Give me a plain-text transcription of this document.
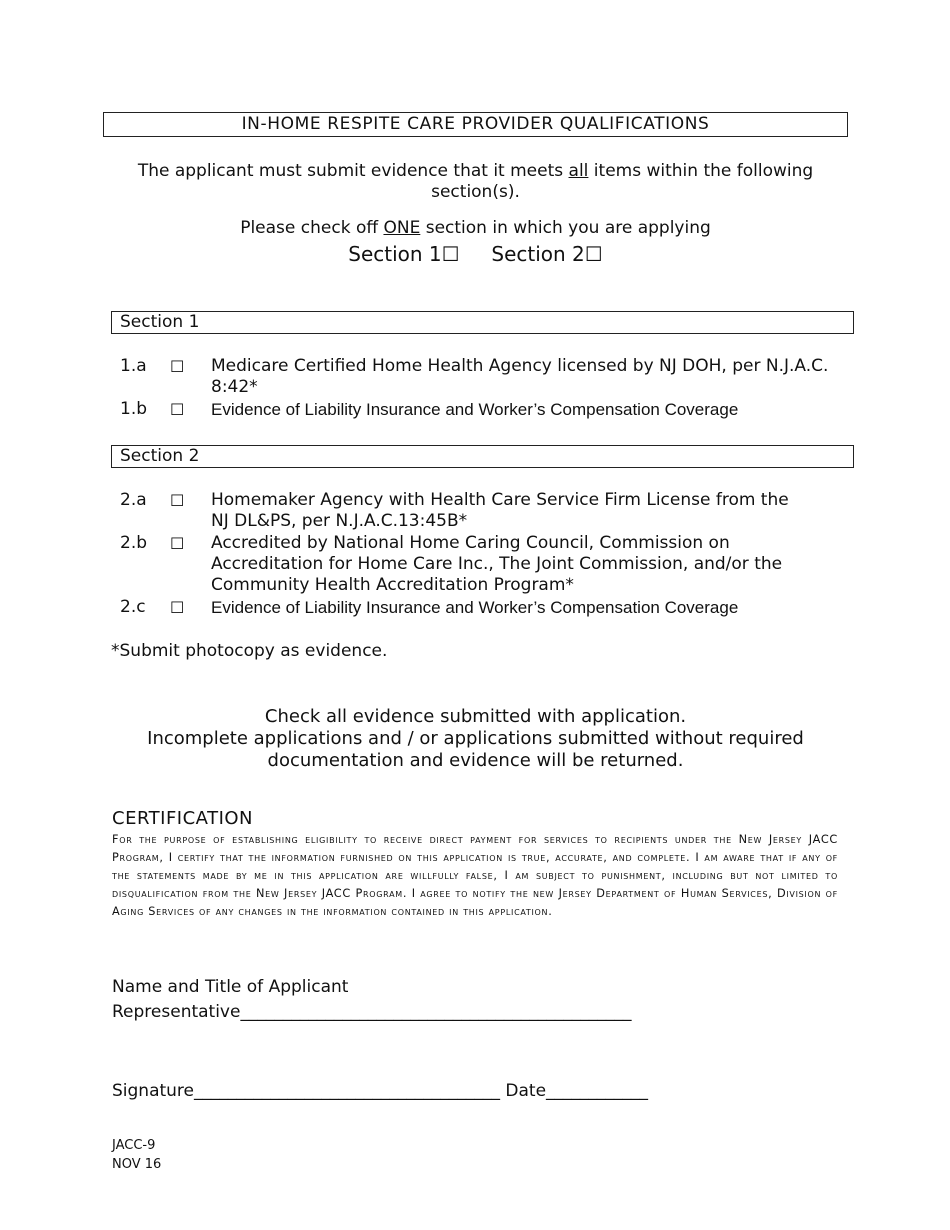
IN-HOME RESPITE CARE PROVIDER QUALIFICATIONS
The applicant must submit evidence that it meets all items within the following section(s).
Please check off ONE section in which you are applying
Section 1☐ Section 2☐
Section 1
1.a	☐ Medicare Certified Home Health Agency licensed by NJ DOH, per N.J.A.C. 8:42*
1.b	☐ Evidence of Liability Insurance and Worker’s Compensation Coverage
Section 2
2.a	☐ Homemaker Agency with Health Care Service Firm License from the
NJ DL&PS, per N.J.A.C.13:45B*
2.b	☐ Accredited by National Home Caring Council, Commission on Accreditation for Home Care Inc., The Joint Commission, and/or the Community Health Accreditation Program*
2.c	☐ Evidence of Liability Insurance and Worker’s Compensation Coverage
*Submit photocopy as evidence.
Check all evidence submitted with application.
Incomplete applications and / or applications submitted without required
documentation and evidence will be returned.
CERTIFICATION
For the purpose of establishing eligibility to receive direct payment for services to recipients under the New Jersey JACC Program, I certify that the information furnished on this application is true, accurate, and complete. I am aware that if any of the statements made by me in this application are willfully false, I am subject to punishment, including but not limited to disqualification from the New Jersey JACC Program. I agree to notify the new Jersey Department of Human Services, Division of Aging Services of any changes in the information contained in this application.
Name and Title of Applicant
Representative______________________________________________
Signature____________________________________ Date____________
JACC-9
NOV 16
